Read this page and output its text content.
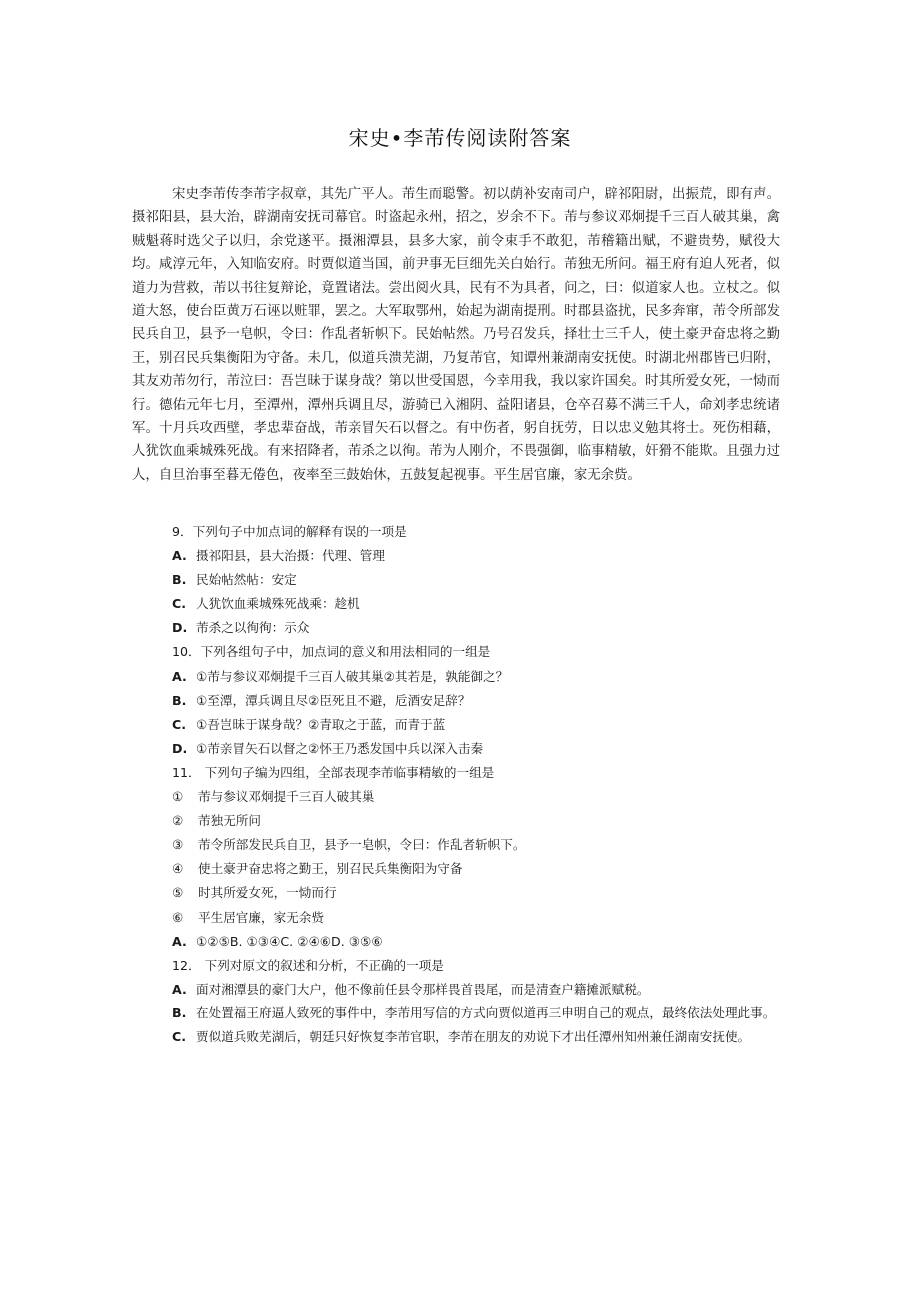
宋史•李芾传阅读附答案

宋史李芾传李芾字叔章，其先广平人。芾生而聪警。初以荫补安南司户，辟祁阳尉，出振荒，即有声。摄祁阳县，县大治，辟湖南安抚司幕官。时盗起永州，招之，岁余不下。芾与参议邓炯提千三百人破其巢，禽贼魁蒋时选父子以归，余党遂平。摄湘潭县，县多大家，前令束手不敢犯，芾稽籍出赋，不避贵势，赋役大均。咸淳元年，入知临安府。时贾似道当国，前尹事无巨细先关白始行。芾独无所问。福王府有迫人死者，似道力为营救，芾以书往复辩论，竟置诸法。尝出阅火具，民有不为具者，问之，曰：似道家人也。立杖之。似道大怒，使台臣黄万石诬以赃罪，罢之。大军取鄂州，始起为湖南提刑。时郡县盗扰，民多奔窜，芾令所部发民兵自卫，县予一皂帜，令曰：作乱者斩帜下。民始帖然。乃号召发兵，择壮士三千人，使土豪尹奋忠将之勤王，别召民兵集衡阳为守备。未几，似道兵溃芜湖，乃复芾官，知谭州兼湖南安抚使。时湖北州郡皆已归附，其友劝芾勿行，芾泣曰：吾岂昧于谋身哉？第以世受国恩，今幸用我，我以家许国矣。时其所爱女死，一恸而行。德佑元年七月，至潭州，潭州兵调且尽，游骑已入湘阴、益阳诸县，仓卒召募不满三千人，命刘孝忠统诸军。十月兵攻西壁，孝忠辈奋战，芾亲冒矢石以督之。有中伤者，躬自抚劳，日以忠义勉其将士。死伤相藉，人犹饮血乘城殊死战。有来招降者，芾杀之以徇。芾为人刚介，不畏强御，临事精敏，奸猾不能欺。且强力过人，自旦治事至暮无倦色，夜率至三鼓始休，五鼓复起视事。平生居官廉，家无余赀。

9．下列句子中加点词的解释有误的一项是
A. 摄祁阳县，县大治摄：代理、管理
B. 民始帖然帖：安定
C. 人犹饮血乘城殊死战乘：趁机
D. 芾杀之以徇徇：示众
10．下列各组句子中，加点词的意义和用法相同的一组是
A. ①芾与参议邓炯提千三百人破其巢②其若是，孰能御之？
B. ①至潭，潭兵调且尽②臣死且不避，卮酒安足辞？
C. ①吾岂昧于谋身哉？②青取之于蓝，而青于蓝
D. ①芾亲冒矢石以督之②怀王乃悉发国中兵以深入击秦
11． 下列句子编为四组，全部表现李芾临事精敏的一组是
① 芾与参议邓炯提千三百人破其巢
② 芾独无所问
③ 芾令所部发民兵自卫，县予一皂帜，令曰：作乱者斩帜下。
④ 使土豪尹奋忠将之勤王，别召民兵集衡阳为守备
⑤ 时其所爱女死，一恸而行
⑥ 平生居官廉，家无余赀
A. ①②⑤B. ①③④C. ②④⑥D. ③⑤⑥
12． 下列对原文的叙述和分析，不正确的一项是
A. 面对湘潭县的豪门大户，他不像前任县令那样畏首畏尾，而是清查户籍摊派赋税。
B. 在处置福王府逼人致死的事件中，李芾用写信的方式向贾似道再三申明自己的观点，最终依法处理此事。
C. 贾似道兵败芜湖后，朝廷只好恢复李芾官职，李芾在朋友的劝说下才出任潭州知州兼任湖南安抚使。
